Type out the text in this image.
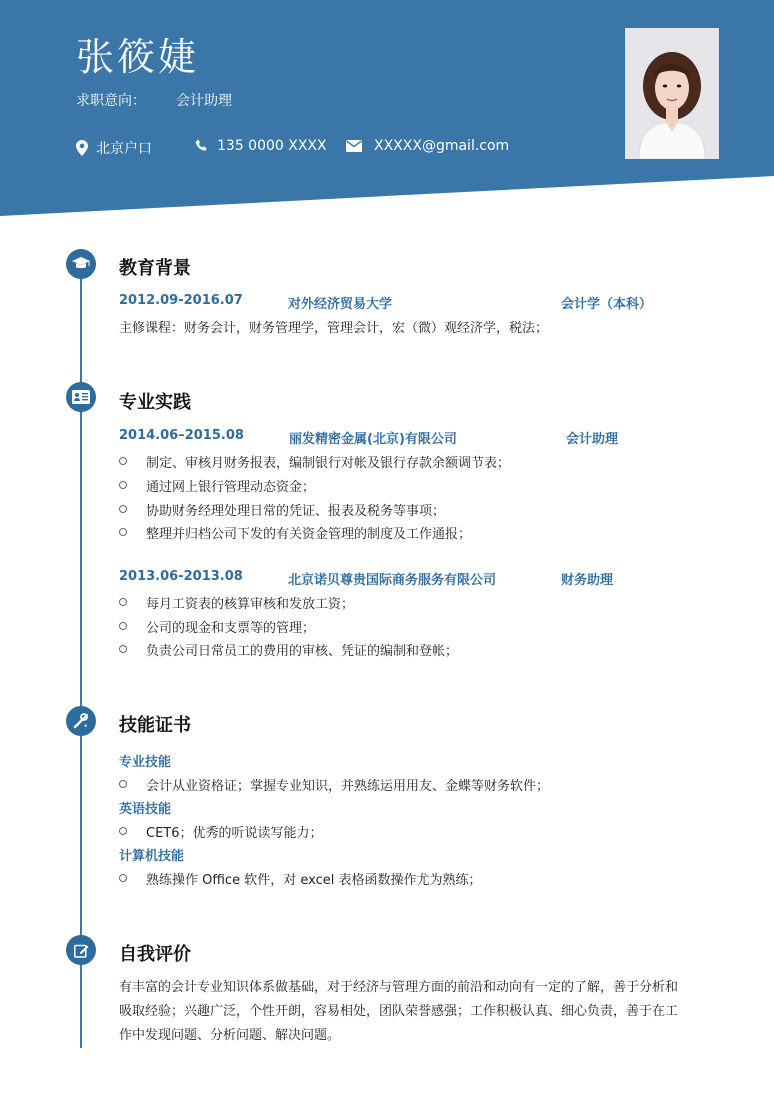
张筱婕
求职意向： 会计助理
北京户口	135 0000 XXXX	XXXXX@gmail.com
教育背景
2012.09-2016.07	对外经济贸易大学	会计学（本科）
主修课程：财务会计，财务管理学，管理会计，宏（微）观经济学，税法；
专业实践
2014.06–2015.08	丽发精密金属(北京)有限公司	会计助理
制定、审核月财务报表，编制银行对帐及银行存款余额调节表；
通过网上银行管理动态资金；
协助财务经理处理日常的凭证、报表及税务等事项；
整理并归档公司下发的有关资金管理的制度及工作通报；
2013.06-2013.08	北京诺贝尊贵国际商务服务有限公司	财务助理
每月工资表的核算审核和发放工资；
公司的现金和支票等的管理；
负责公司日常员工的费用的审核、凭证的编制和登帐；
技能证书
专业技能
会计从业资格证；掌握专业知识，并熟练运用用友、金蝶等财务软件；
英语技能
CET6；优秀的听说读写能力；
计算机技能
熟练操作 Office 软件，对 excel 表格函数操作尤为熟练；
自我评价
有丰富的会计专业知识体系做基础，对于经济与管理方面的前沿和动向有一定的了解，善于分析和
吸取经验；兴趣广泛，个性开朗，容易相处，团队荣誉感强；工作积极认真、细心负责，善于在工
作中发现问题、分析问题、解决问题。
